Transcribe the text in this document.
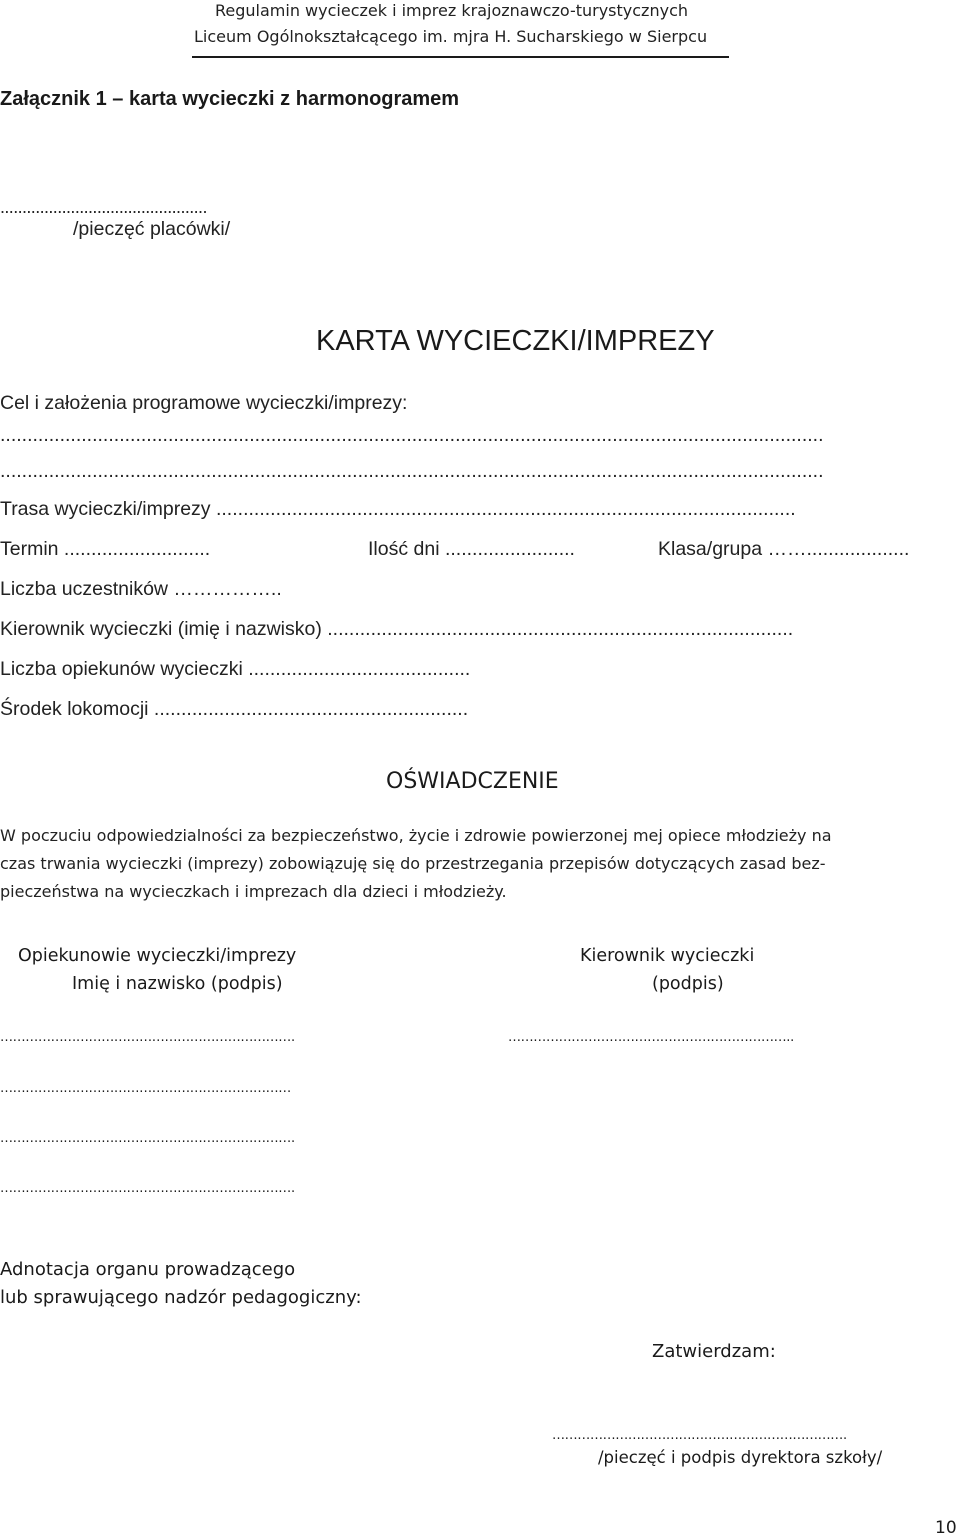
Regulamin wycieczek i imprez krajoznawczo-turystycznych
Liceum Ogólnokształcącego im. mjra H. Sucharskiego w Sierpcu
Załącznik 1 – karta wycieczki z harmonogramem
...............................................
/pieczęć placówki/
KARTA WYCIECZKI/IMPREZY
Cel i założenia programowe wycieczki/imprezy:
........................................................................................................................................................
........................................................................................................................................................
Trasa wycieczki/imprezy ...........................................................................................................
Termin ...........................	Ilość dni ........................	Klasa/grupa ……...................
Liczba uczestników ……………..
Kierownik wycieczki (imię i nazwisko) ......................................................................................
Liczba opiekunów wycieczki .........................................
Środek lokomocji ..........................................................
OŚWIADCZENIE
W poczuciu odpowiedzialności za bezpieczeństwo, życie i zdrowie powierzonej mej opiece młodzieży na
czas trwania wycieczki (imprezy) zobowiązuję się do przestrzegania przepisów dotyczących zasad bez-
pieczeństwa na wycieczkach i imprezach dla dzieci i młodzieży.
Opiekunowie wycieczki/imprezy
Imię i nazwisko (podpis)
Kierownik wycieczki
(podpis)
…………………………………………………………….	…………………………………………………………..
……………………………………………………………
…………………………………………………………….
…………………………………………………………….
Adnotacja organu prowadzącego
lub sprawującego nadzór pedagogiczny:
Zatwierdzam:
…………………………………………………………….
/pieczęć i podpis dyrektora szkoły/
10
